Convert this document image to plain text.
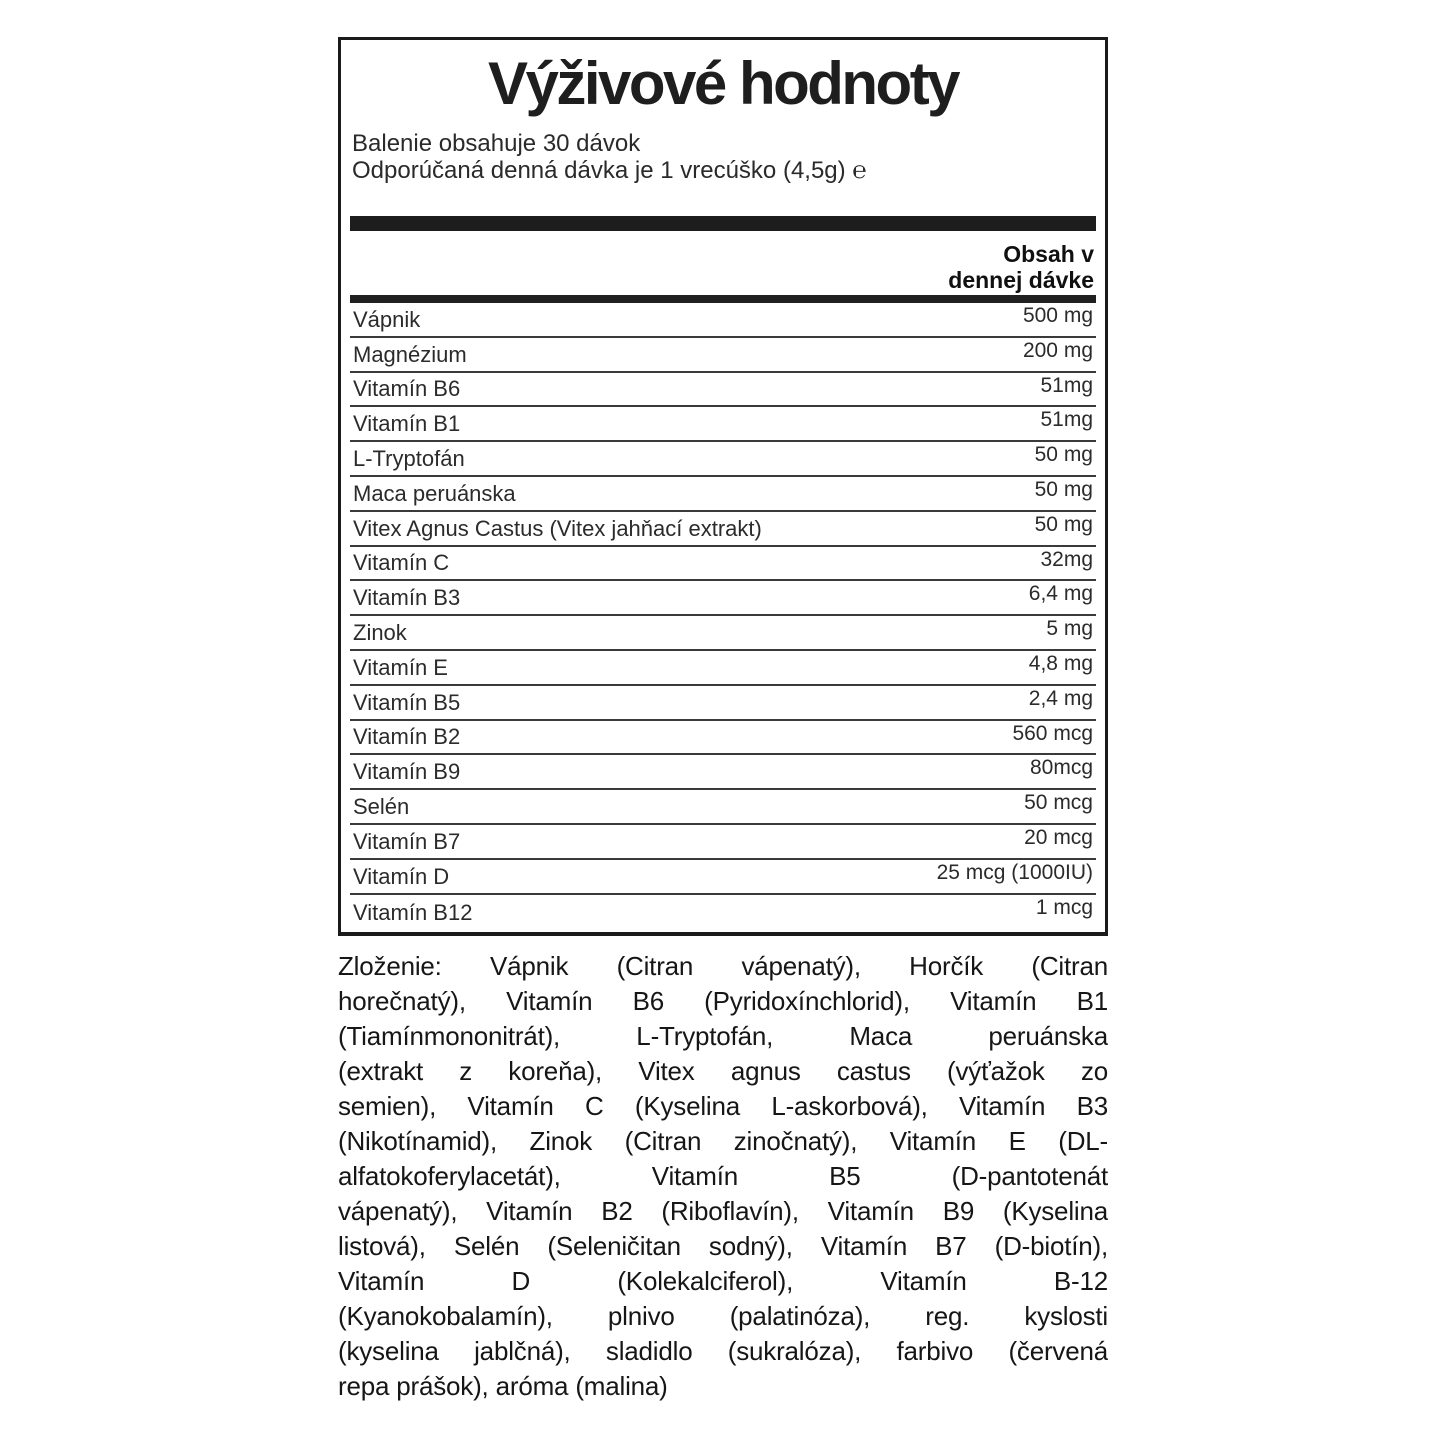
Výživové hodnoty
Balenie obsahuje 30 dávok
Odporúčaná denná dávka je 1 vrecúško (4,5g) ℮
Obsah v
dennej dávke
Vápnik	500 mg
Magnézium	200 mg
Vitamín B6	51mg
Vitamín B1	51mg
L-Tryptofán	50 mg
Maca peruánska	50 mg
Vitex Agnus Castus (Vitex jahňací extrakt)	50 mg
Vitamín C	32mg
Vitamín B3	6,4 mg
Zinok	5 mg
Vitamín E	4,8 mg
Vitamín B5	2,4 mg
Vitamín B2	560 mcg
Vitamín B9	80mcg
Selén	50 mcg
Vitamín B7	20 mcg
Vitamín D	25 mcg (1000IU)
Vitamín B12	1 mcg
Zloženie: Vápnik (Citran vápenatý), Horčík (Citran
horečnatý), Vitamín B6 (Pyridoxínchlorid), Vitamín B1
(Tiamínmononitrát), L-Tryptofán, Maca peruánska
(extrakt z koreňa), Vitex agnus castus (výťažok zo
semien), Vitamín C (Kyselina L-askorbová), Vitamín B3
(Nikotínamid), Zinok (Citran zinočnatý), Vitamín E (DL-
alfatokoferylacetát), Vitamín B5 (D-pantotenát
vápenatý), Vitamín B2 (Riboflavín), Vitamín B9 (Kyselina
listová), Selén (Seleničitan sodný), Vitamín B7 (D-biotín),
Vitamín D (Kolekalciferol), Vitamín B-12
(Kyanokobalamín), plnivo (palatinóza), reg. kyslosti
(kyselina jablčná), sladidlo (sukralóza), farbivo (červená
repa prášok), aróma (malina)
